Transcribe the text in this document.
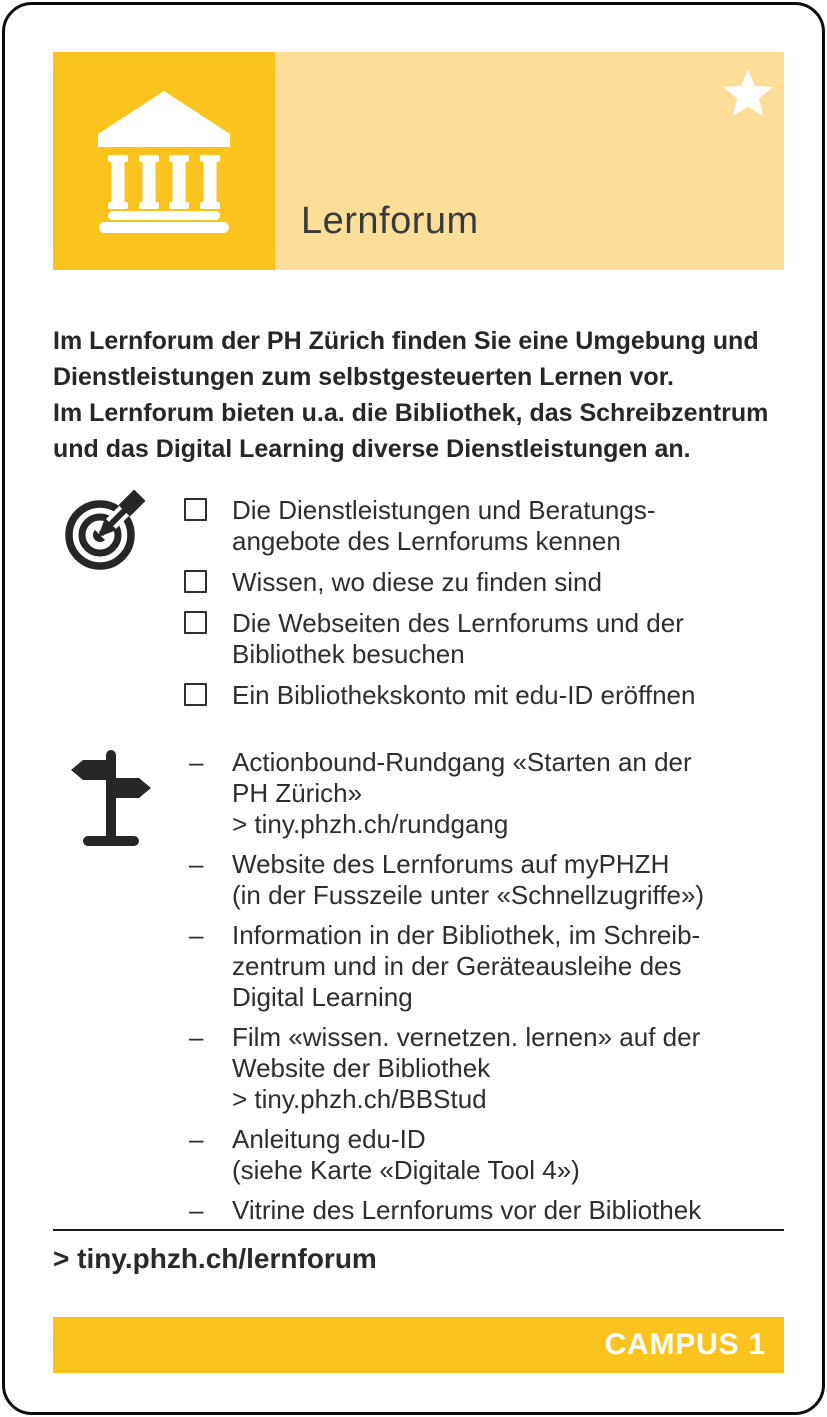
Lernforum
Im Lernforum der PH Zürich finden Sie eine Umgebung und
Dienstleistungen zum selbstgesteuerten Lernen vor.
Im Lernforum bieten u.a. die Bibliothek, das Schreibzentrum
und das Digital Learning diverse Dienstleistungen an.
Die Dienstleistungen und Beratungs-
angebote des Lernforums kennen
Wissen, wo diese zu finden sind
Die Webseiten des Lernforums und der
Bibliothek besuchen
Ein Bibliothekskonto mit edu-ID eröffnen
–	Actionbound-Rundgang «Starten an der
PH Zürich»
> tiny.phzh.ch/rundgang
–	Website des Lernforums auf myPHZH
(in der Fusszeile unter «Schnellzugriffe»)
–	Information in der Bibliothek, im Schreib-
zentrum und in der Geräteausleihe des
Digital Learning
–	Film «wissen. vernetzen. lernen» auf der
Website der Bibliothek
> tiny.phzh.ch/BBStud
–	Anleitung edu-ID
(siehe Karte «Digitale Tool 4»)
–	Vitrine des Lernforums vor der Bibliothek
> tiny.phzh.ch/lernforum
CAMPUS 1
